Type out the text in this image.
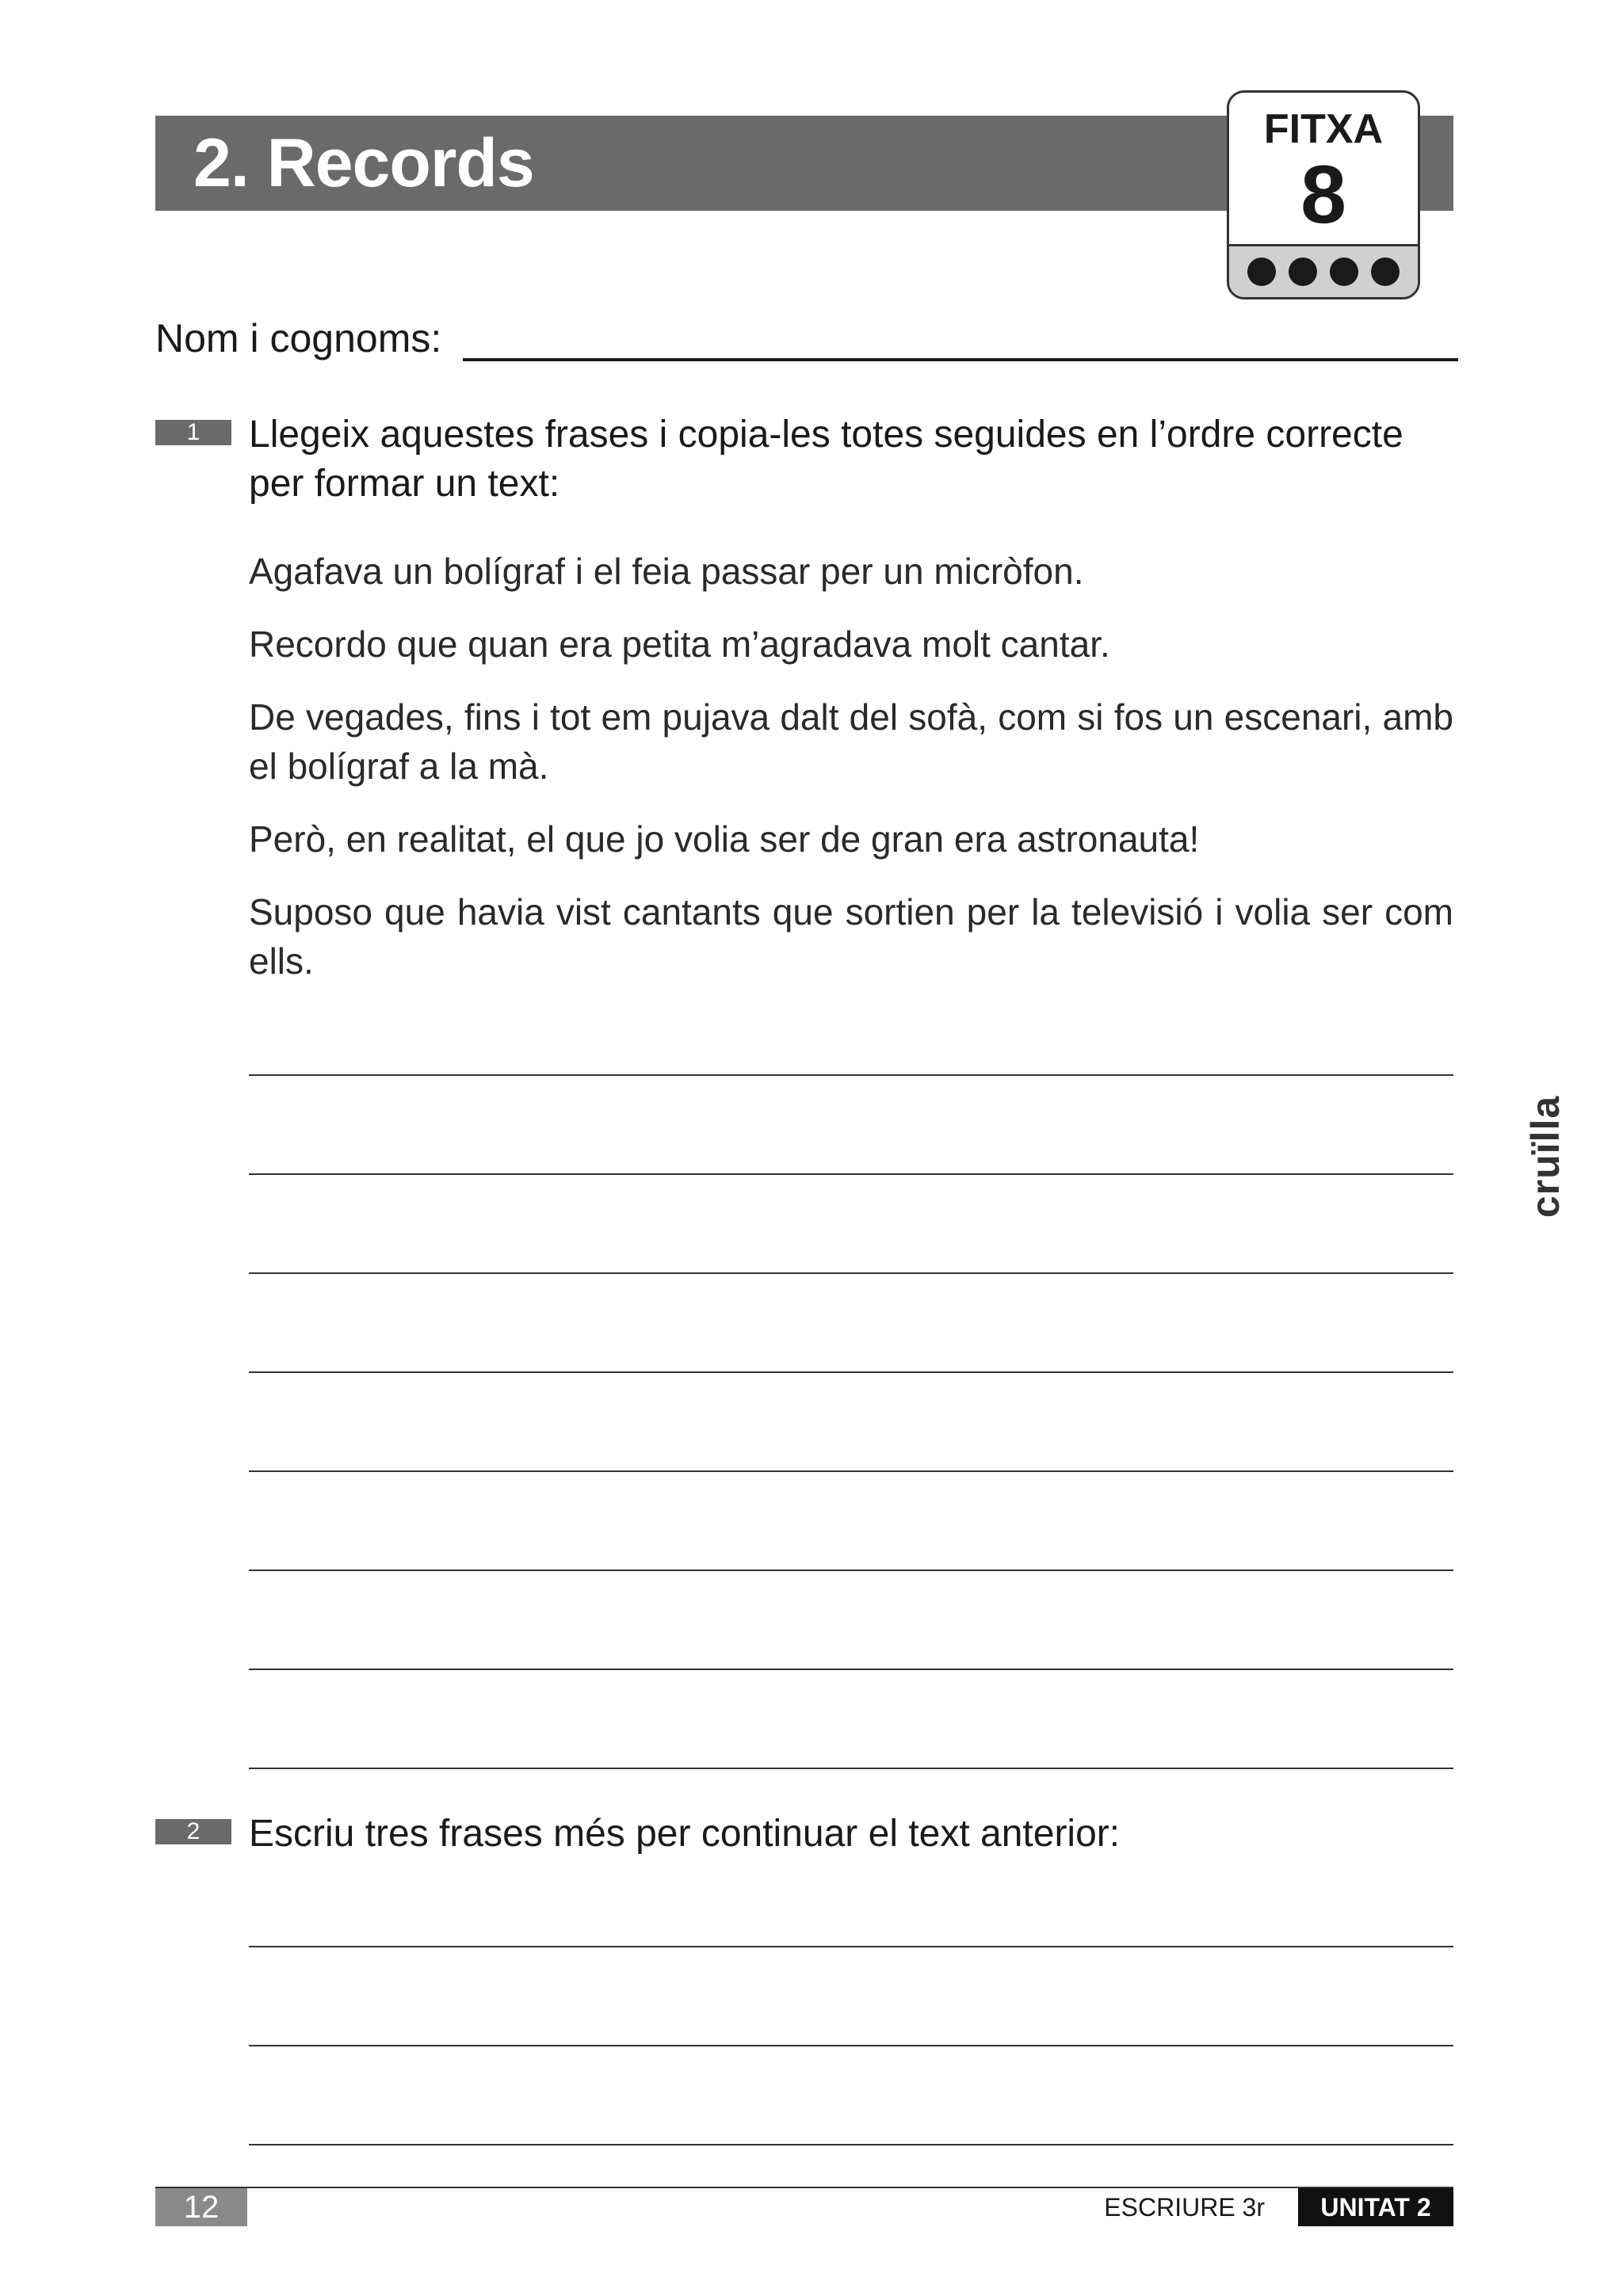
2. Records	FITXA
8
Nom i cognoms:
1	Llegeix aquestes frases i copia-les totes seguides en l’ordre correcte per formar un text:
Agafava un bolígraf i el feia passar per un micròfon.
Recordo que quan era petita m’agradava molt cantar.
De vegades, fins i tot em pujava dalt del sofà, com si fos un escenari, amb el bolígraf a la mà.
Però, en realitat, el que jo volia ser de gran era astronauta!
Suposo que havia vist cantants que sortien per la televisió i volia ser com ells.
2	Escriu tres frases més per continuar el text anterior:
cruïlla
12	ESCRIURE 3r	UNITAT 2
